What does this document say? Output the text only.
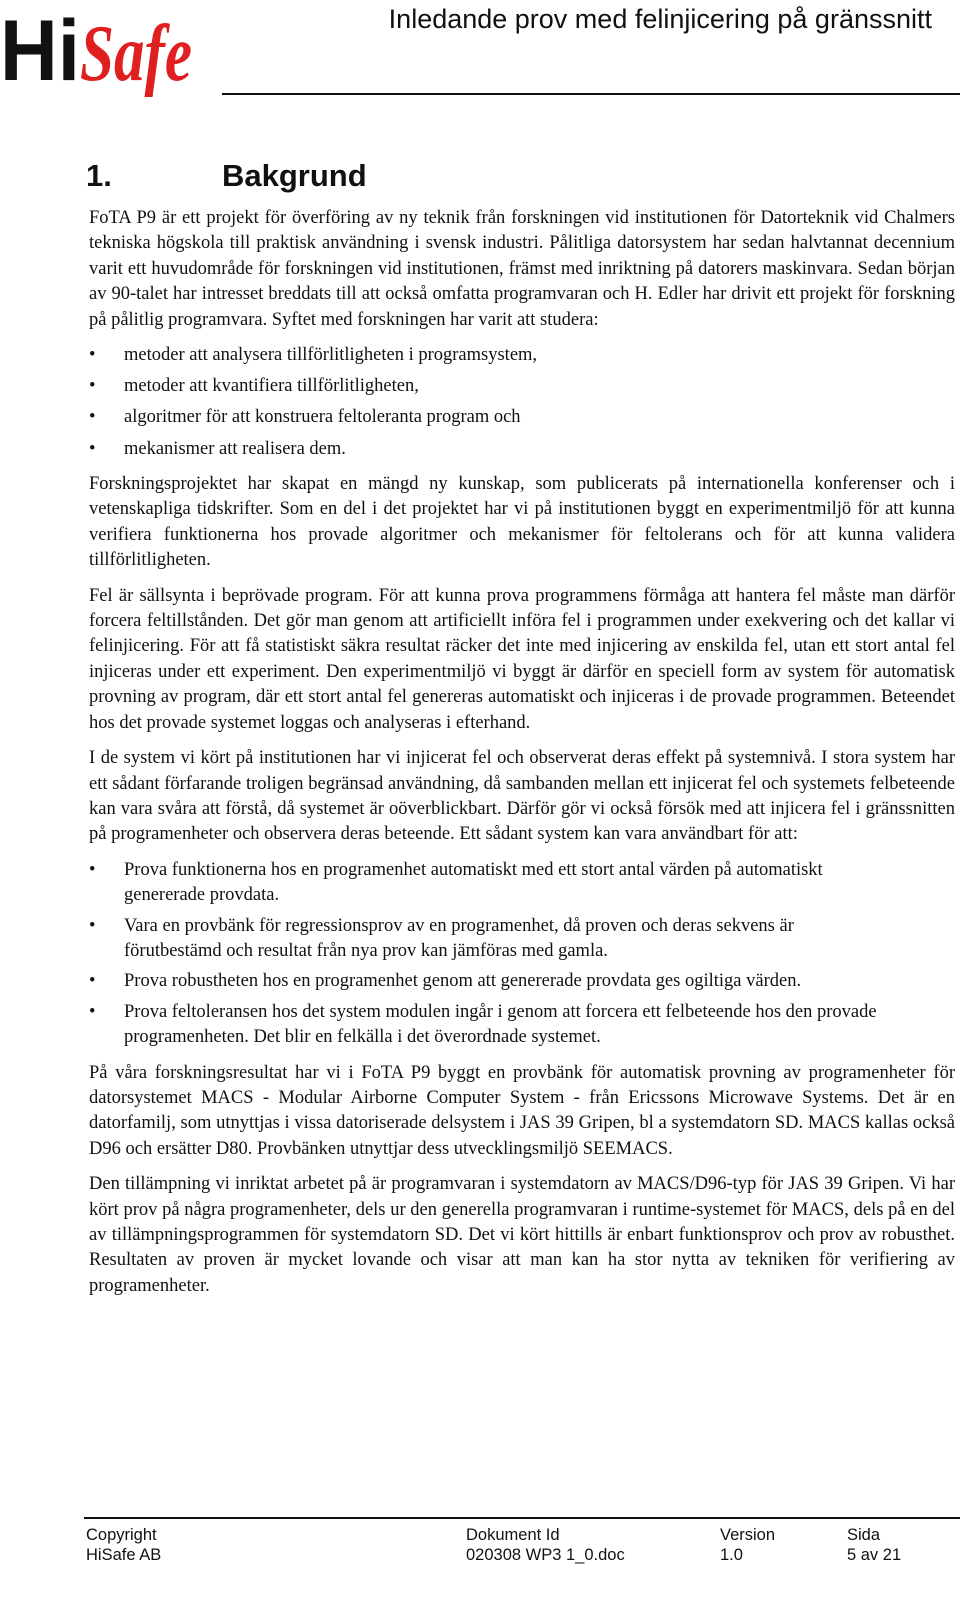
Hi Safe	Inledande prov med felinjicering på gränssnitt
1.	Bakgrund

FoTA P9 är ett projekt för överföring av ny teknik från forskningen vid institutionen för Datorteknik vid Chalmers tekniska högskola till praktisk användning i svensk industri. Pålitliga datorsystem har sedan halvtannat decennium varit ett huvudområde för forskningen vid institutionen, främst med inriktning på datorers maskinvara. Sedan början av 90-talet har intresset breddats till att också omfatta programvaran och H. Edler har drivit ett projekt för forskning på pålitlig programvara. Syftet med forskningen har varit att studera:

• metoder att analysera tillförlitligheten i programsystem,
• metoder att kvantifiera tillförlitligheten,
• algoritmer för att konstruera feltoleranta program och
• mekanismer att realisera dem.

Forskningsprojektet har skapat en mängd ny kunskap, som publicerats på internationella konferenser och i vetenskapliga tidskrifter. Som en del i det projektet har vi på institutionen byggt en experimentmiljö för att kunna verifiera funktionerna hos provade algoritmer och mekanismer för feltolerans och för att kunna validera tillförlitligheten.

Fel är sällsynta i beprövade program. För att kunna prova programmens förmåga att hantera fel måste man därför forcera feltillstånden. Det gör man genom att artificiellt införa fel i programmen under exekvering och det kallar vi felinjicering. För att få statistiskt säkra resultat räcker det inte med injicering av enskilda fel, utan ett stort antal fel injiceras under ett experiment. Den experimentmiljö vi byggt är därför en speciell form av system för automatisk provning av program, där ett stort antal fel genereras automatiskt och injiceras i de provade programmen. Beteendet hos det provade systemet loggas och analyseras i efterhand.

I de system vi kört på institutionen har vi injicerat fel och observerat deras effekt på systemnivå. I stora system har ett sådant förfarande troligen begränsad användning, då sambanden mellan ett injicerat fel och systemets felbeteende kan vara svåra att förstå, då systemet är oöverblickbart. Därför gör vi också försök med att injicera fel i gränssnitten på programenheter och observera deras beteende. Ett sådant system kan vara användbart för att:

• Prova funktionerna hos en programenhet automatiskt med ett stort antal värden på automatiskt genererade provdata.
• Vara en provbänk för regressionsprov av en programenhet, då proven och deras sekvens är förutbestämd och resultat från nya prov kan jämföras med gamla.
• Prova robustheten hos en programenhet genom att genererade provdata ges ogiltiga värden.
• Prova feltoleransen hos det system modulen ingår i genom att forcera ett felbeteende hos den provade programenheten. Det blir en felkälla i det överordnade systemet.

På våra forskningsresultat har vi i FoTA P9 byggt en provbänk för automatisk provning av programenheter för datorsystemet MACS - Modular Airborne Computer System - från Ericssons Microwave Systems. Det är en datorfamilj, som utnyttjas i vissa datoriserade delsystem i JAS 39 Gripen, bl a systemdatorn SD. MACS kallas också D96 och ersätter D80. Provbänken utnyttjar dess utvecklingsmiljö SEEMACS.

Den tillämpning vi inriktat arbetet på är programvaran i systemdatorn av MACS/D96-typ för JAS 39 Gripen. Vi har kört prov på några programenheter, dels ur den generella programvaran i runtime-systemet för MACS, dels på en del av tillämpningsprogrammen för systemdatorn SD. Det vi kört hittills är enbart funktionsprov och prov av robusthet. Resultaten av proven är mycket lovande och visar att man kan ha stor nytta av tekniken för verifiering av programenheter.

Copyright
HiSafe AB
Dokument Id
020308 WP3 1_0.doc
Version
1.0
Sida
5 av 21
